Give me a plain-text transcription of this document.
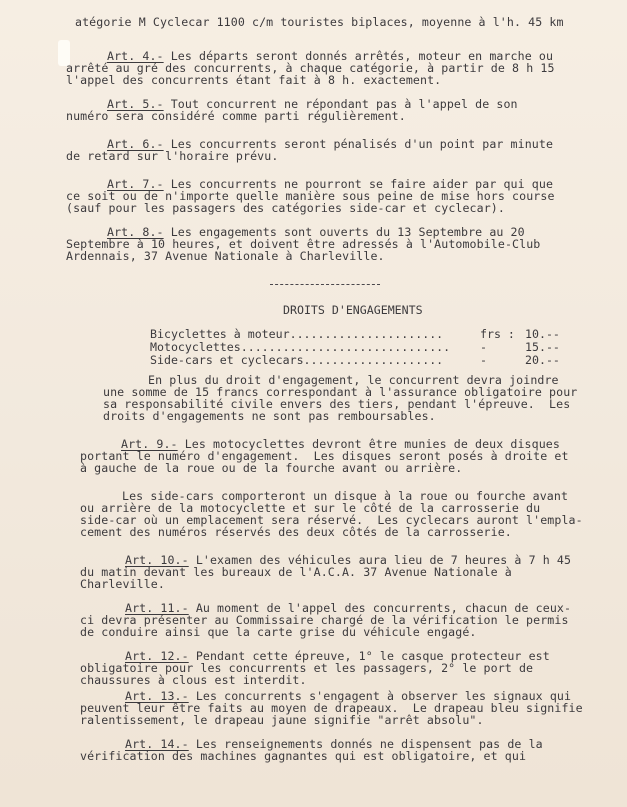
atégorie M Cyclecar 1100 c/m touristes biplaces, moyenne à l'h. 45 km
Art. 4.- Les départs seront donnés arrêtés, moteur en marche ou
arrêté au gré des concurrents, à chaque catégorie, à partir de 8 h 15
l'appel des concurrents étant fait à 8 h. exactement.
Art. 5.- Tout concurrent ne répondant pas à l'appel de son
numéro sera considéré comme parti régulièrement.
Art. 6.- Les concurrents seront pénalisés d'un point par minute
de retard sur l'horaire prévu.
Art. 7.- Les concurrents ne pourront se faire aider par qui que
ce soit ou de n'importe quelle manière sous peine de mise hors course
(sauf pour les passagers des catégories side-car et cyclecar).
Art. 8.- Les engagements sont ouverts du 13 Septembre au 20
Septembre à 10 heures, et doivent être adressés à l'Automobile-Club
Ardennais, 37 Avenue Nationale à Charleville.
En plus du droit d'engagement, le concurrent devra joindre
une somme de 15 francs correspondant à l'assurance obligatoire pour
sa responsabilité civile envers des tiers, pendant l'épreuve.  Les
droits d'engagements ne sont pas remboursables.
Art. 9.- Les motocyclettes devront être munies de deux disques
portant le numéro d'engagement.  Les disques seront posés à droite et
à gauche de la roue ou de la fourche avant ou arrière.
Les side-cars comporteront un disque à la roue ou fourche avant
ou arrière de la motocyclette et sur le côté de la carrosserie du
side-car où un emplacement sera réservé.  Les cyclecars auront l'empla-
cement des numéros réservés des deux côtés de la carrosserie.
Art. 10.- L'examen des véhicules aura lieu de 7 heures à 7 h 45
du matin devant les bureaux de l'A.C.A. 37 Avenue Nationale à
Charleville.
Art. 11.- Au moment de l'appel des concurrents, chacun de ceux-
ci devra présenter au Commissaire chargé de la vérification le permis
de conduire ainsi que la carte grise du véhicule engagé.
Art. 12.- Pendant cette épreuve, 1° le casque protecteur est
obligatoire pour les concurrents et les passagers, 2° le port de
chaussures à clous est interdit.
Art. 13.- Les concurrents s'engagent à observer les signaux qui
peuvent leur être faits au moyen de drapeaux.  Le drapeau bleu signifie
ralentissement, le drapeau jaune signifie "arrêt absolu".
Art. 14.- Les renseignements donnés ne dispensent pas de la
vérification des machines gagnantes qui est obligatoire, et qui
DROITS D'ENGAGEMENTS
Bicyclettes à moteur......................	frs : 10.--
Motocyclettes..............................	-	15.--
Side-cars et cyclecars....................	-	20.--
